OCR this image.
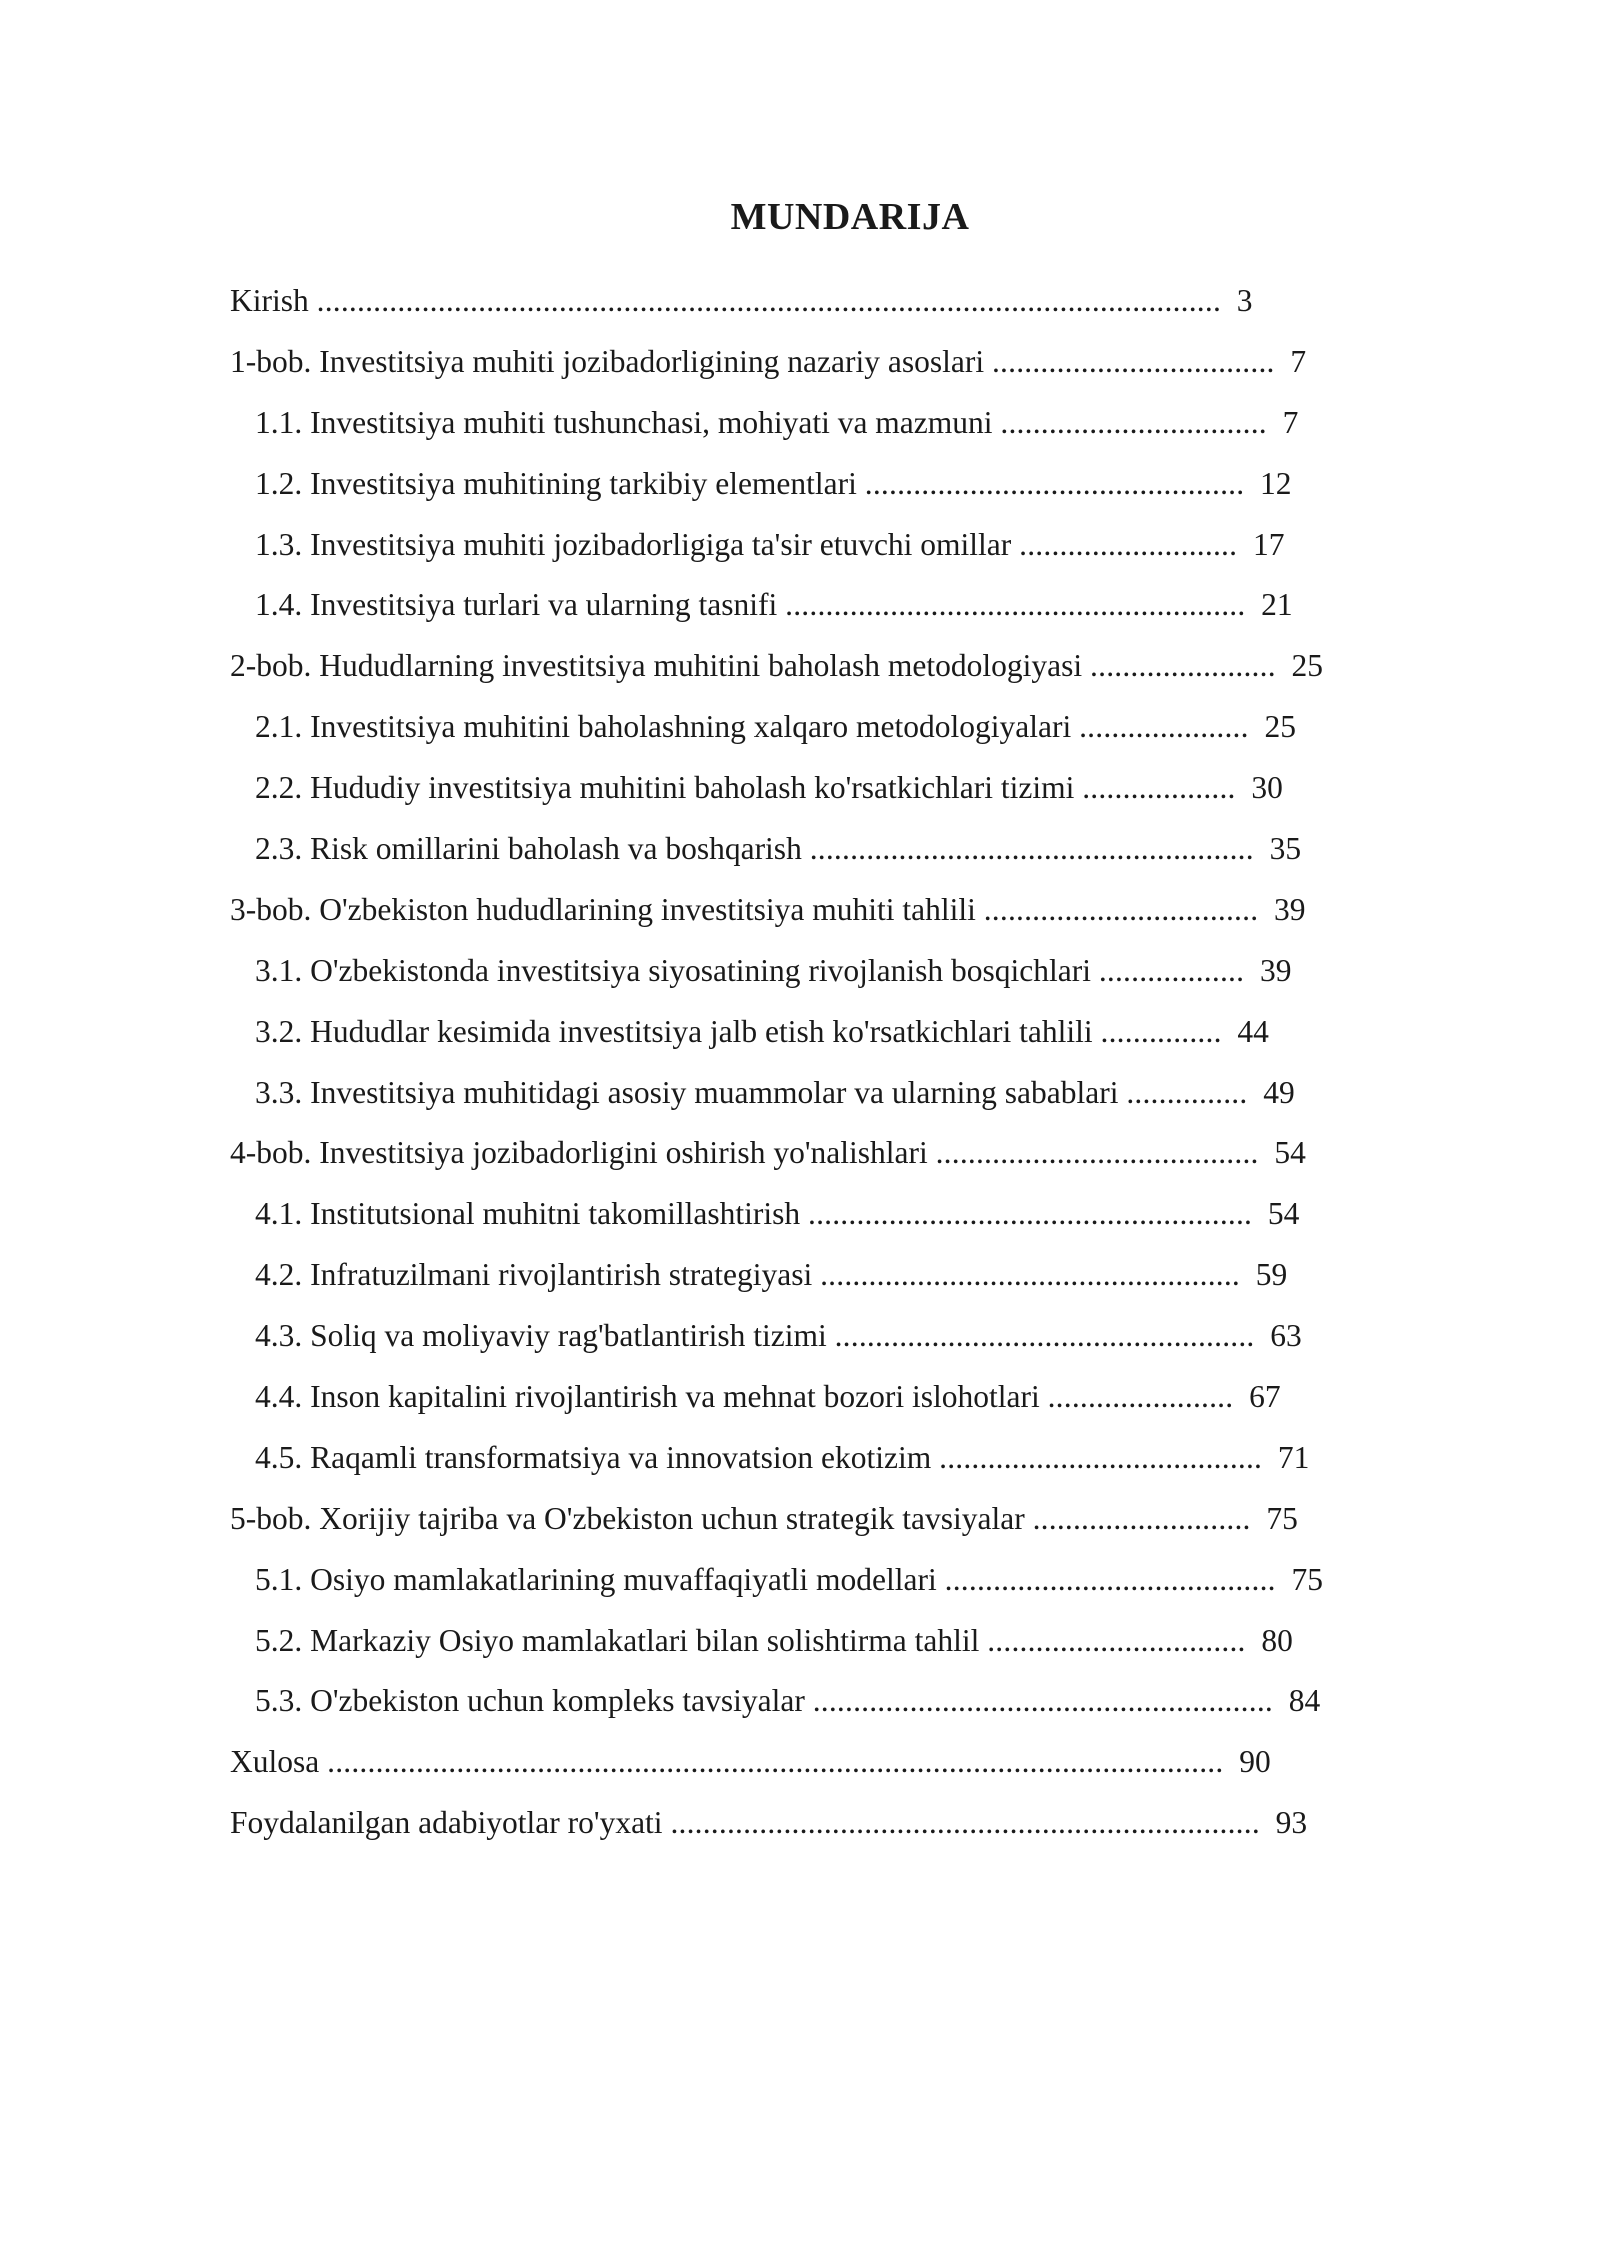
MUNDARIJA
Kirish ................................................................................................................ 3
1-bob. Investitsiya muhiti jozibadorligining nazariy asoslari ................................... 7
1.1. Investitsiya muhiti tushunchasi, mohiyati va mazmuni ................................. 7
1.2. Investitsiya muhitining tarkibiy elementlari ............................................... 12
1.3. Investitsiya muhiti jozibadorligiga ta'sir etuvchi omillar ........................... 17
1.4. Investitsiya turlari va ularning tasnifi ......................................................... 21
2-bob. Hududlarning investitsiya muhitini baholash metodologiyasi ....................... 25
2.1. Investitsiya muhitini baholashning xalqaro metodologiyalari ..................... 25
2.2. Hududiy investitsiya muhitini baholash ko'rsatkichlari tizimi ................... 30
2.3. Risk omillarini baholash va boshqarish ....................................................... 35
3-bob. O'zbekiston hududlarining investitsiya muhiti tahlili .................................. 39
3.1. O'zbekistonda investitsiya siyosatining rivojlanish bosqichlari .................. 39
3.2. Hududlar kesimida investitsiya jalb etish ko'rsatkichlari tahlili ............... 44
3.3. Investitsiya muhitidagi asosiy muammolar va ularning sabablari ............... 49
4-bob. Investitsiya jozibadorligini oshirish yo'nalishlari ........................................ 54
4.1. Institutsional muhitni takomillashtirish ....................................................... 54
4.2. Infratuzilmani rivojlantirish strategiyasi .................................................... 59
4.3. Soliq va moliyaviy rag'batlantirish tizimi .................................................... 63
4.4. Inson kapitalini rivojlantirish va mehnat bozori islohotlari ....................... 67
4.5. Raqamli transformatsiya va innovatsion ekotizim ........................................ 71
5-bob. Xorijiy tajriba va O'zbekiston uchun strategik tavsiyalar ........................... 75
5.1. Osiyo mamlakatlarining muvaffaqiyatli modellari ......................................... 75
5.2. Markaziy Osiyo mamlakatlari bilan solishtirma tahlil ................................ 80
5.3. O'zbekiston uchun kompleks tavsiyalar ......................................................... 84
Xulosa ............................................................................................................... 90
Foydalanilgan adabiyotlar ro'yxati ......................................................................... 93
